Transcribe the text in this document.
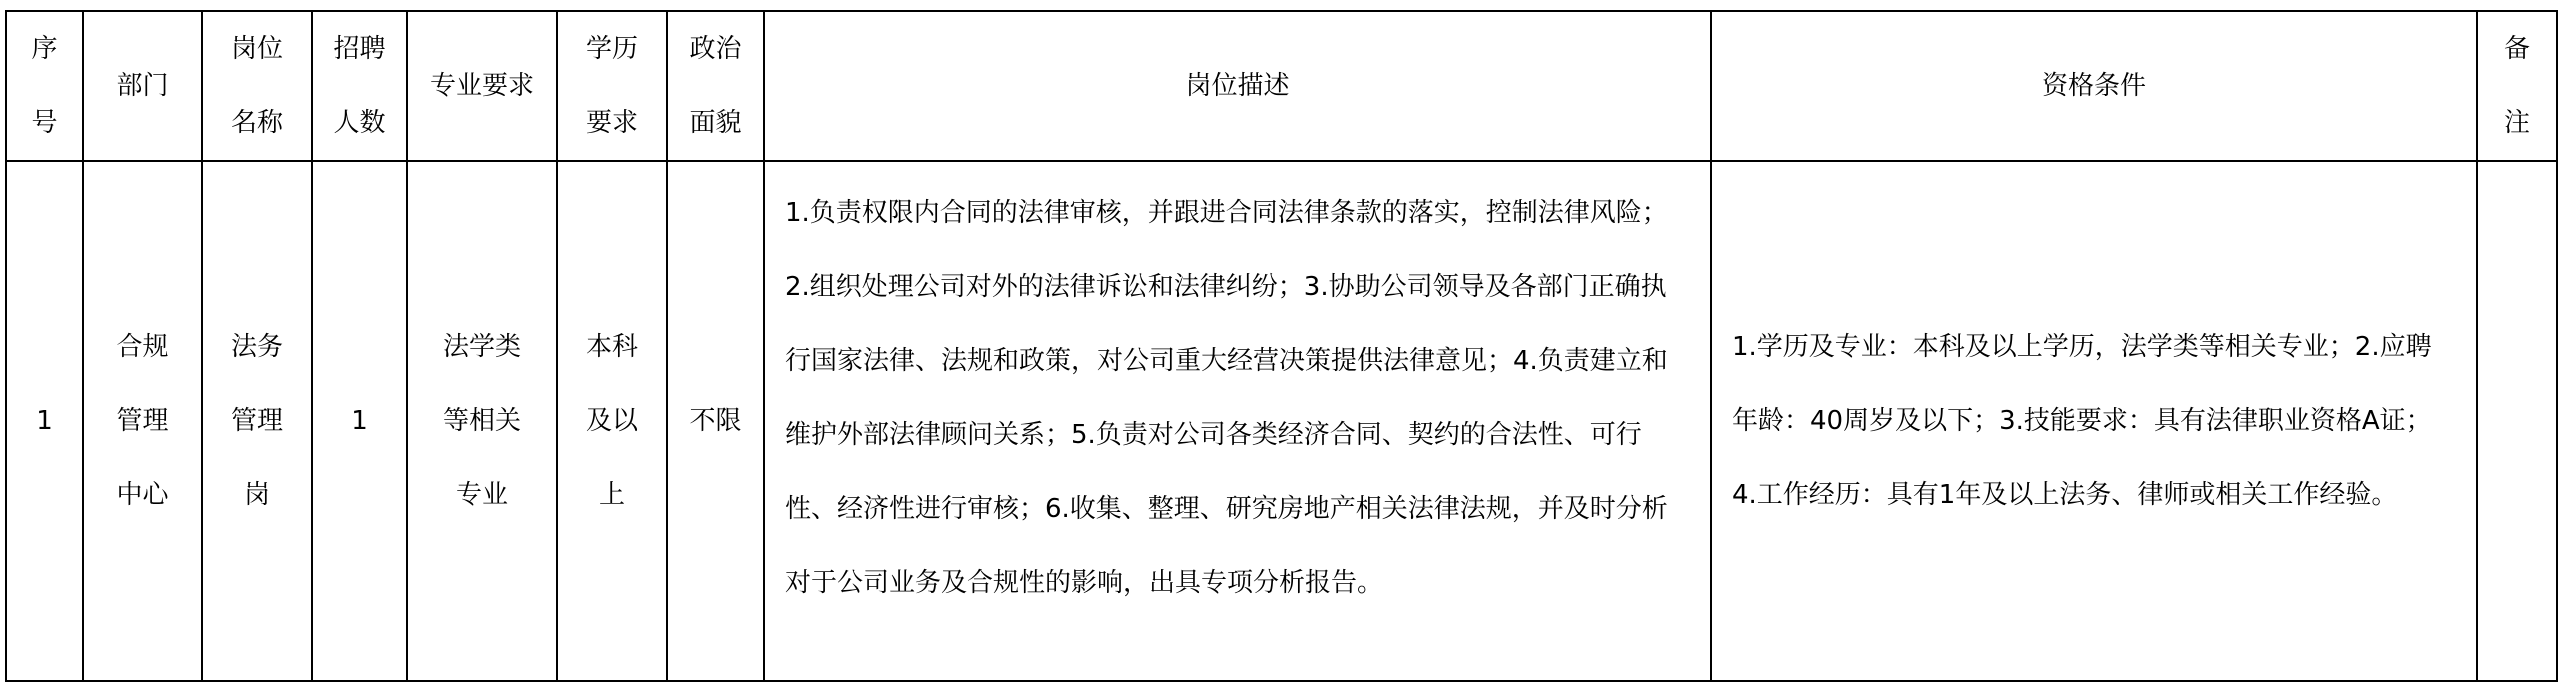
序号	部门	岗位名称	招聘人数	专业要求	学历要求	政治面貌	岗位描述	资格条件	备注
1	合规管理中心	法务管理岗	1	法学类等相关专业	本科及以上	不限	1.负责权限内合同的法律审核，并跟进合同法律条款的落实，控制法律风险；2.组织处理公司对外的法律诉讼和法律纠纷；3.协助公司领导及各部门正确执行国家法律、法规和政策，对公司重大经营决策提供法律意见；4.负责建立和维护外部法律顾问关系；5.负责对公司各类经济合同、契约的合法性、可行性、经济性进行审核；6.收集、整理、研究房地产相关法律法规，并及时分析对于公司业务及合规性的影响，出具专项分析报告。	1.学历及专业：本科及以上学历，法学类等相关专业；2.应聘年龄：40周岁及以下；3.技能要求：具有法律职业资格A证；4.工作经历：具有1年及以上法务、律师或相关工作经验。	
